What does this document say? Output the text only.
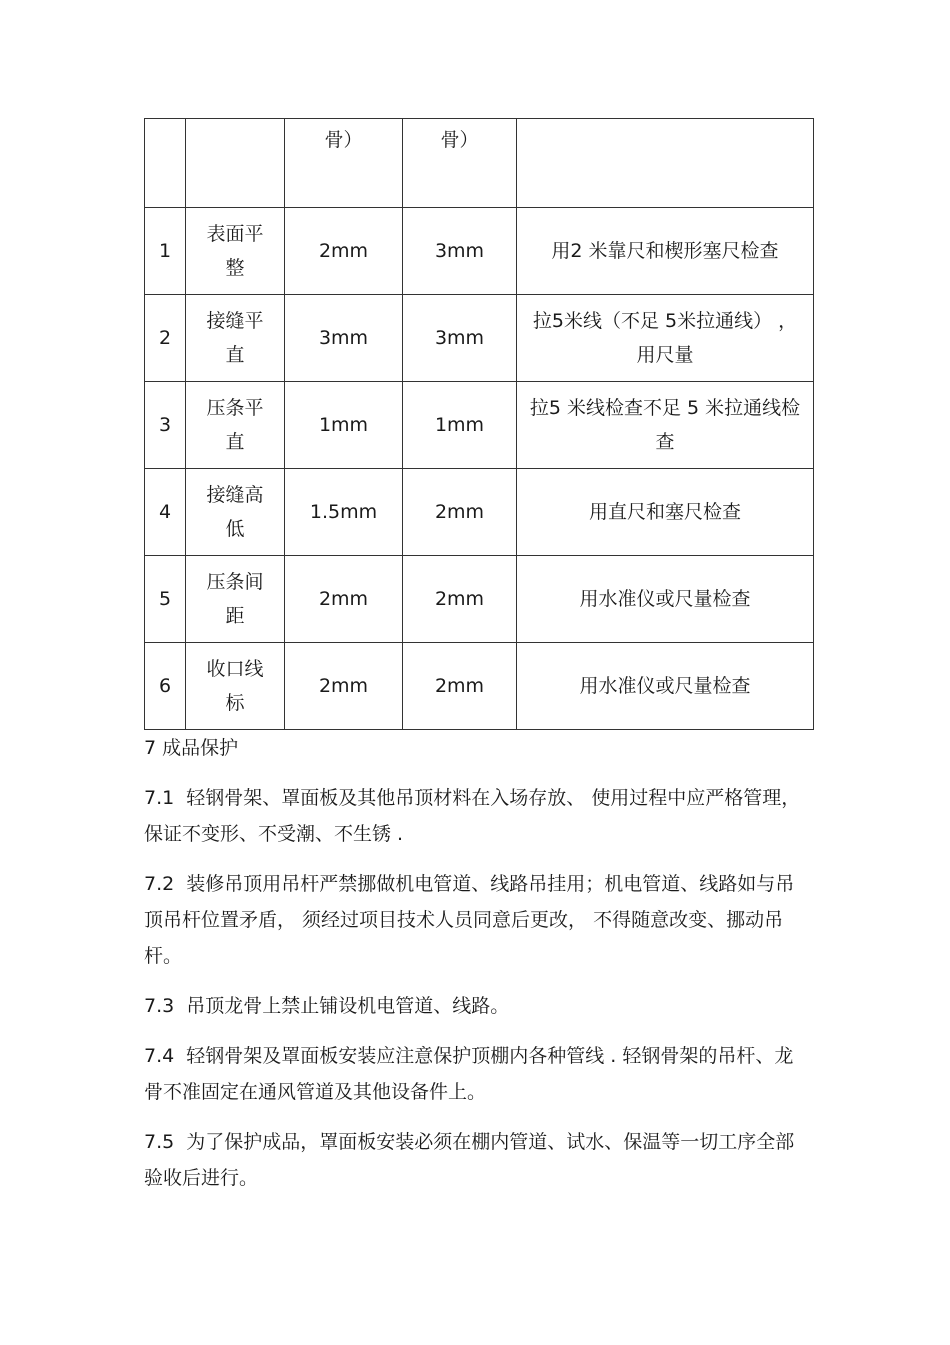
		骨）	骨）	
1	表面平整	2mm	3mm	用2 米靠尺和楔形塞尺检查
2	接缝平直	3mm	3mm	拉5米线（不足 5米拉通线） ，用尺量
3	压条平直	1mm	1mm	拉5 米线检查不足 5 米拉通线检查
4	接缝高低	1.5mm	2mm	用直尺和塞尺检查
5	压条间距	2mm	2mm	用水准仪或尺量检查
6	收口线标	2mm	2mm	用水准仪或尺量检查

7 成品保护

7.1 轻钢骨架、罩面板及其他吊顶材料在入场存放、 使用过程中应严格管理，保证不变形、不受潮、不生锈 .

7.2 装修吊顶用吊杆严禁挪做机电管道、线路吊挂用；机电管道、线路如与吊顶吊杆位置矛盾， 须经过项目技术人员同意后更改， 不得随意改变、挪动吊杆。

7.3 吊顶龙骨上禁止铺设机电管道、线路。

7.4 轻钢骨架及罩面板安装应注意保护顶棚内各种管线 . 轻钢骨架的吊杆、龙骨不准固定在通风管道及其他设备件上。

7.5 为了保护成品，罩面板安装必须在棚内管道、试水、保温等一切工序全部验收后进行。
